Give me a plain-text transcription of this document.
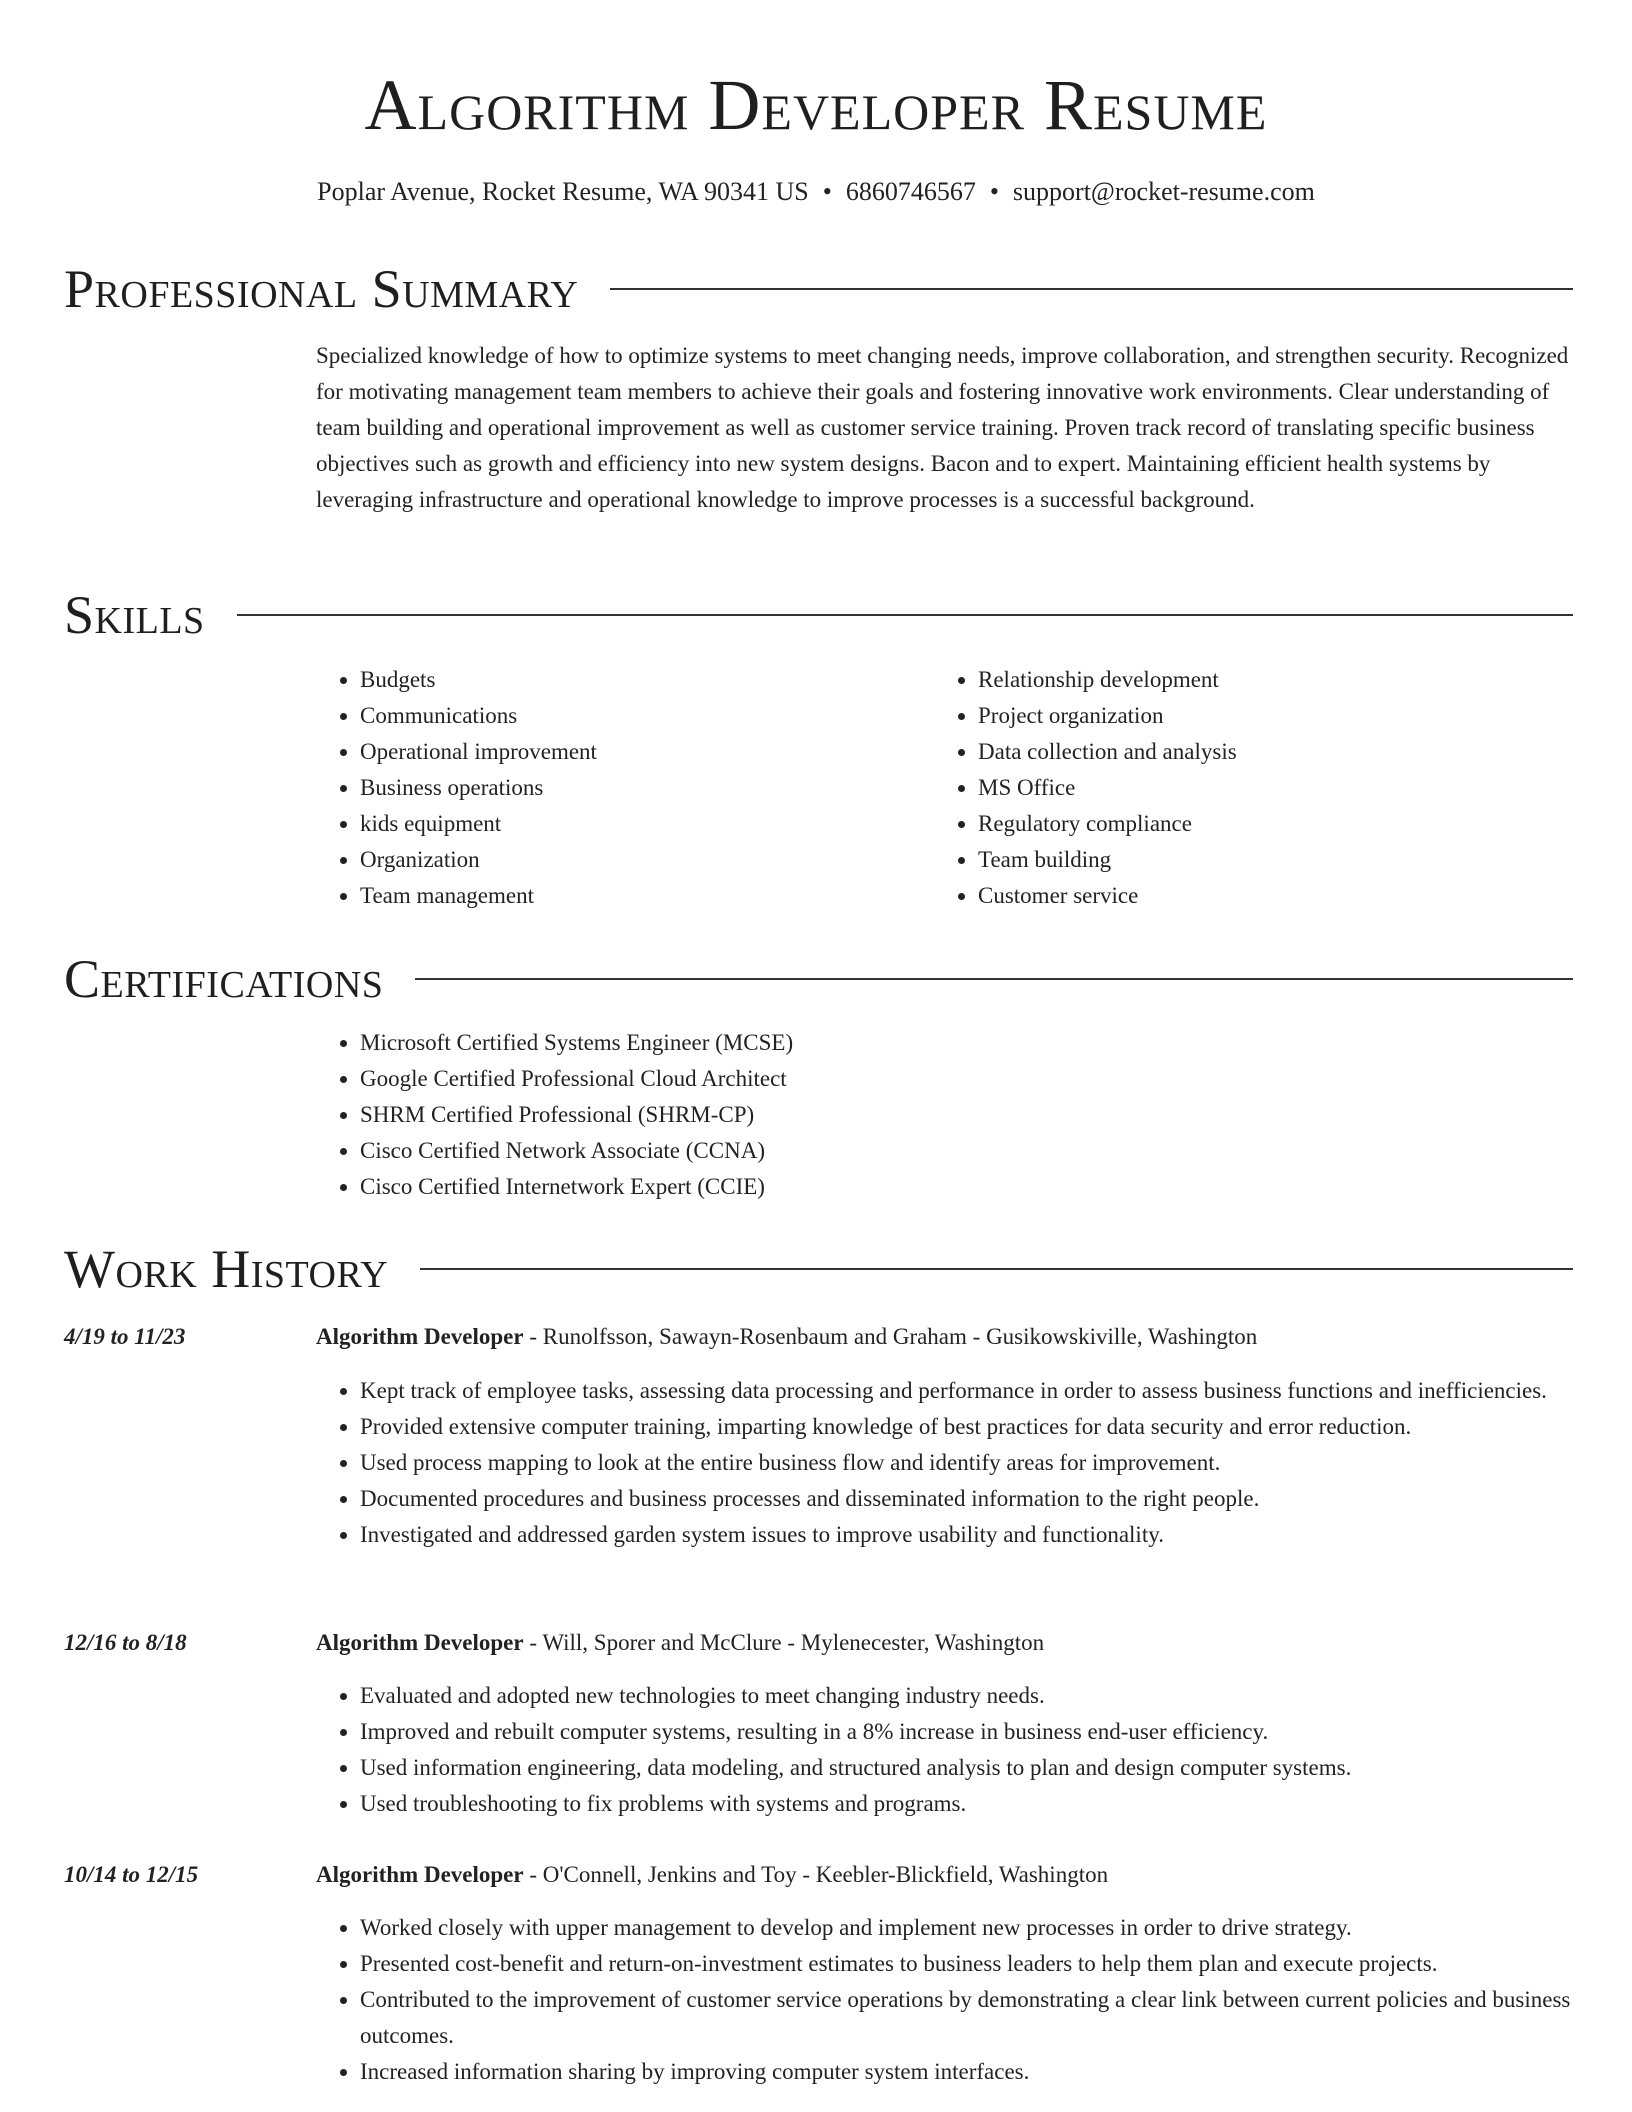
Algorithm Developer Resume
Poplar Avenue, Rocket Resume, WA 90341 US • 6860746567 • support@rocket-resume.com
Professional Summary

Specialized knowledge of how to optimize systems to meet changing needs, improve collaboration, and strengthen security. Recognized for motivating management team members to achieve their goals and fostering innovative work environments. Clear understanding of team building and operational improvement as well as customer service training. Proven track record of translating specific business objectives such as growth and efficiency into new system designs. Bacon and to expert. Maintaining efficient health systems by leveraging infrastructure and operational knowledge to improve processes is a successful background.

Skills
• Budgets
• Communications
• Operational improvement
• Business operations
• kids equipment
• Organization
• Team management
• Relationship development
• Project organization
• Data collection and analysis
• MS Office
• Regulatory compliance
• Team building
• Customer service
Certifications
• Microsoft Certified Systems Engineer (MCSE)
• Google Certified Professional Cloud Architect
• SHRM Certified Professional (SHRM-CP)
• Cisco Certified Network Associate (CCNA)
• Cisco Certified Internetwork Expert (CCIE)
Work History
4/19 to 11/23	Algorithm Developer - Runolfsson, Sawayn-Rosenbaum and Graham - Gusikowskiville, Washington
• Kept track of employee tasks, assessing data processing and performance in order to assess business functions and inefficiencies.
• Provided extensive computer training, imparting knowledge of best practices for data security and error reduction.
• Used process mapping to look at the entire business flow and identify areas for improvement.
• Documented procedures and business processes and disseminated information to the right people.
• Investigated and addressed garden system issues to improve usability and functionality.
12/16 to 8/18	Algorithm Developer - Will, Sporer and McClure - Mylenecester, Washington
• Evaluated and adopted new technologies to meet changing industry needs.
• Improved and rebuilt computer systems, resulting in a 8% increase in business end-user efficiency.
• Used information engineering, data modeling, and structured analysis to plan and design computer systems.
• Used troubleshooting to fix problems with systems and programs.
10/14 to 12/15	Algorithm Developer - O'Connell, Jenkins and Toy - Keebler-Blickfield, Washington
• Worked closely with upper management to develop and implement new processes in order to drive strategy.
• Presented cost-benefit and return-on-investment estimates to business leaders to help them plan and execute projects.
• Contributed to the improvement of customer service operations by demonstrating a clear link between current policies and business outcomes.
• Increased information sharing by improving computer system interfaces.
